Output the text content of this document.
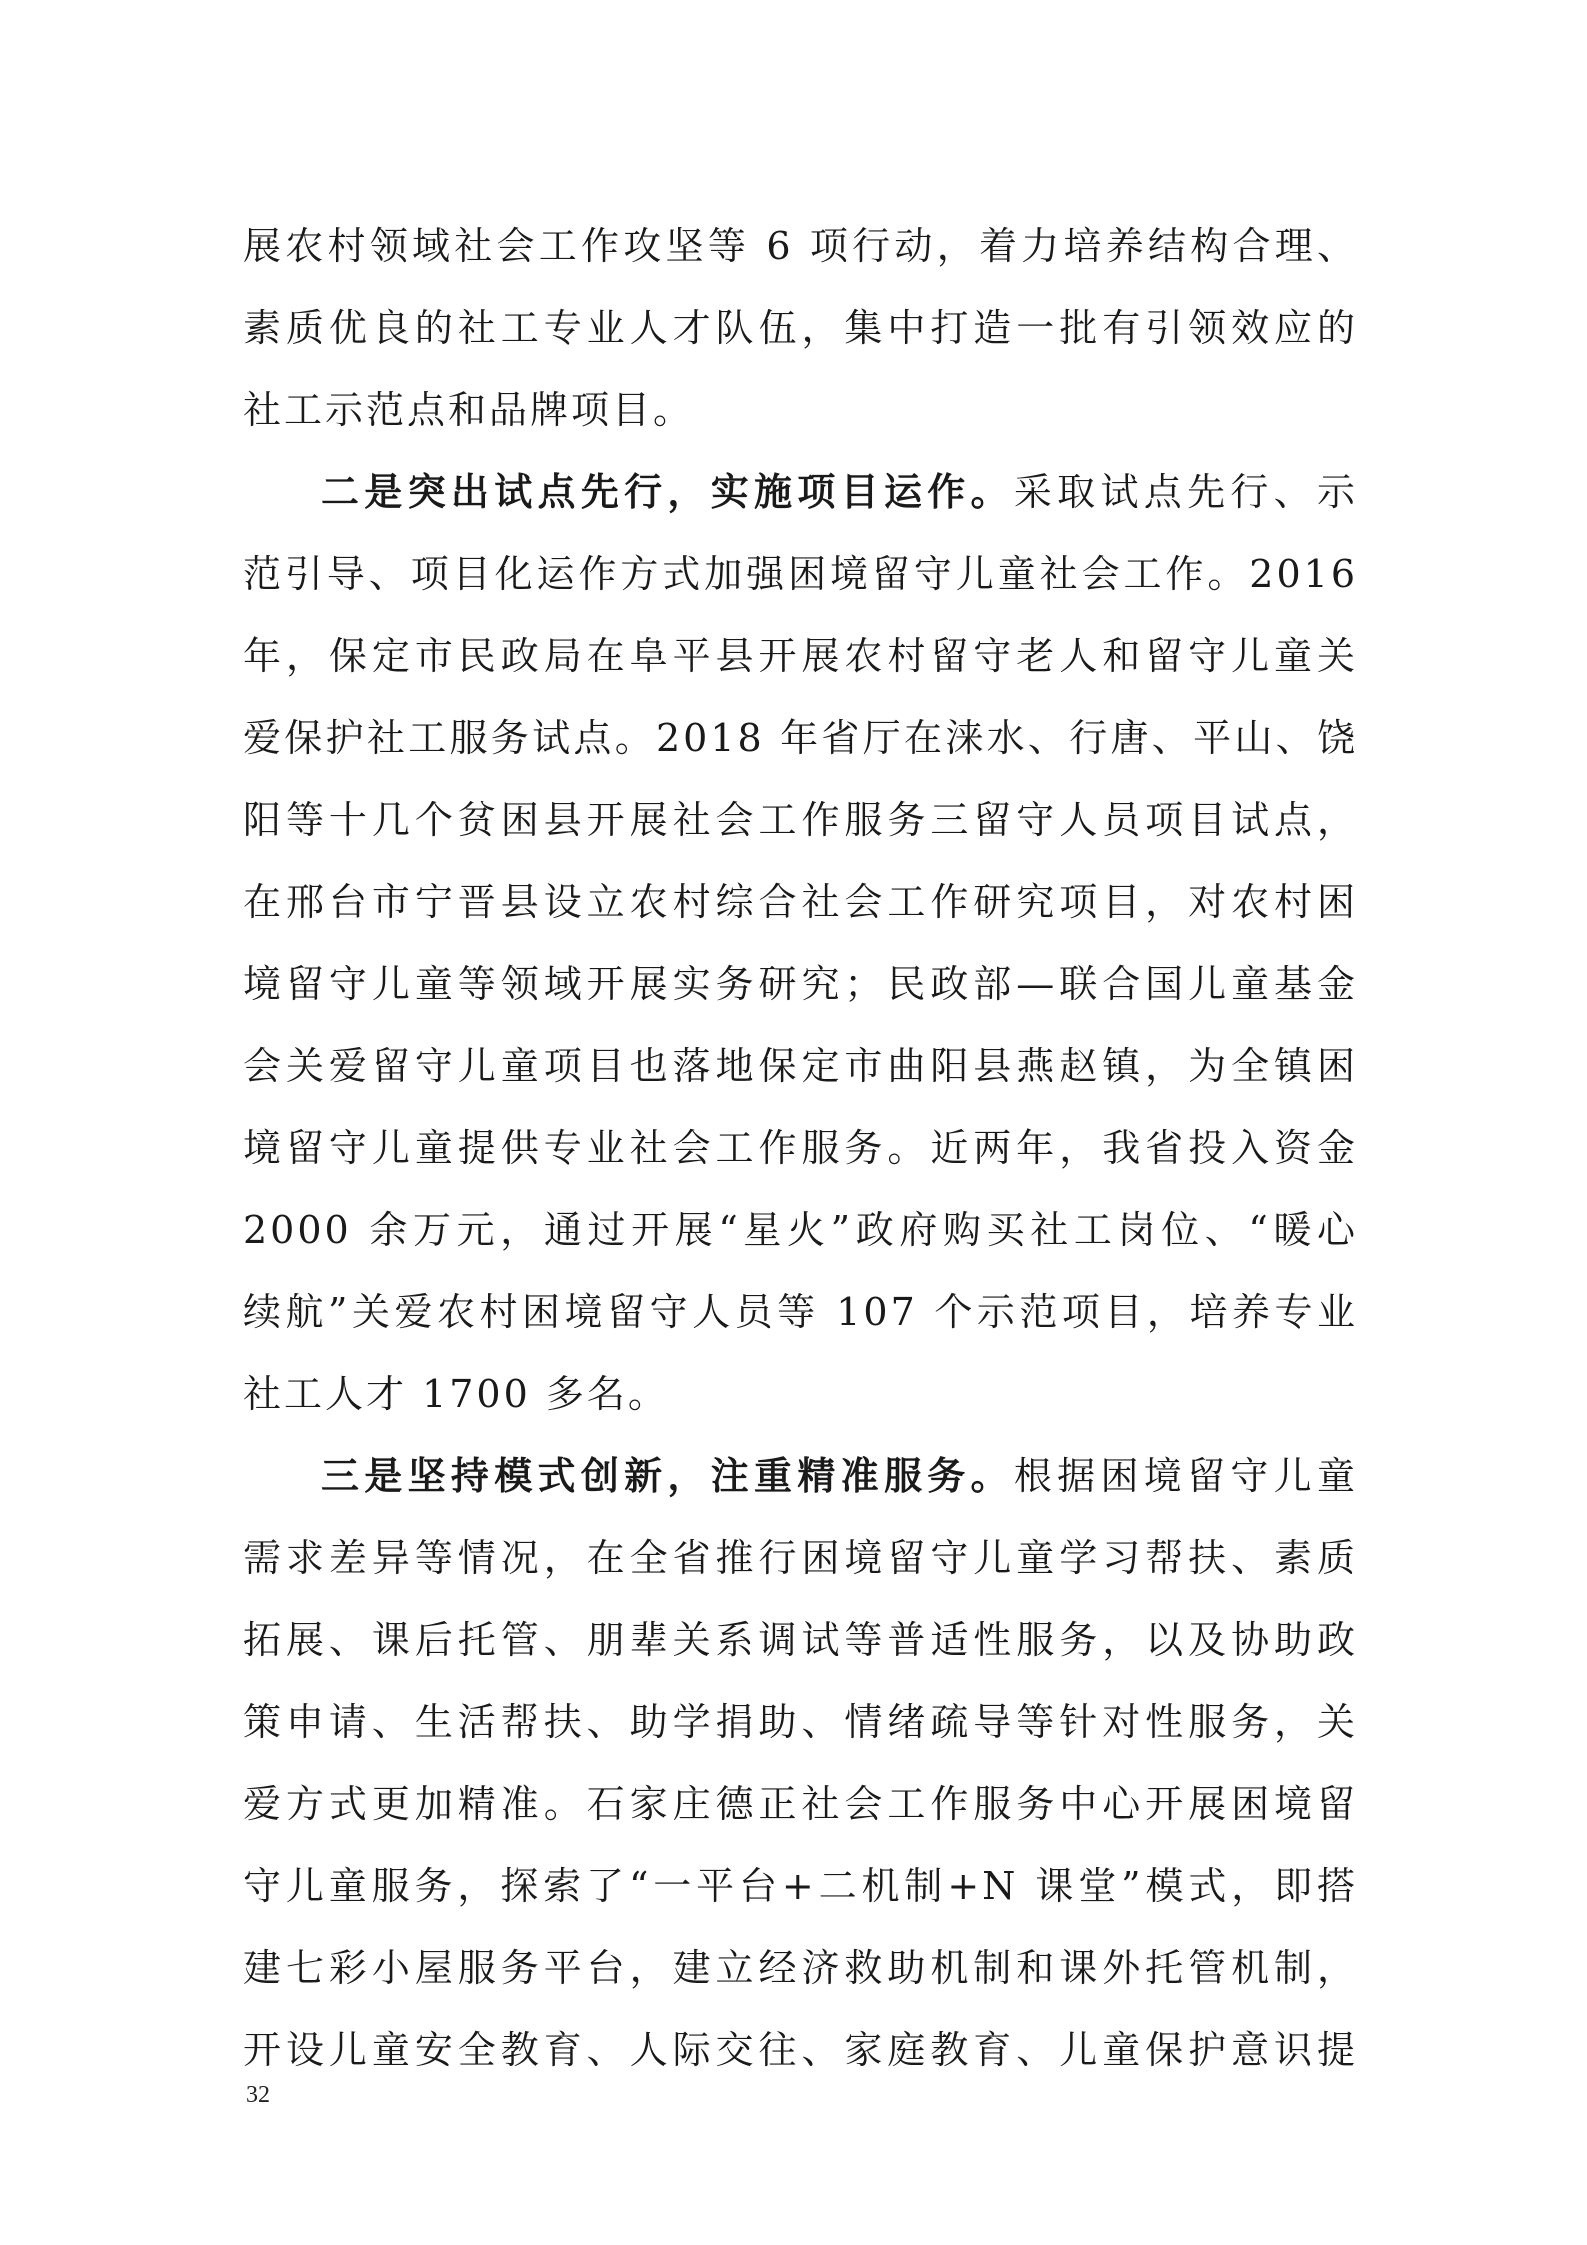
展农村领域社会工作攻坚等 6 项行动，着力培养结构合理、
素质优良的社工专业人才队伍，集中打造一批有引领效应的
社工示范点和品牌项目。
二是突出试点先行，实施项目运作。采取试点先行、示
范引导、项目化运作方式加强困境留守儿童社会工作。2016
年，保定市民政局在阜平县开展农村留守老人和留守儿童关
爱保护社工服务试点。2018 年省厅在涞水、行唐、平山、饶
阳等十几个贫困县开展社会工作服务三留守人员项目试点，
在邢台市宁晋县设立农村综合社会工作研究项目，对农村困
境留守儿童等领域开展实务研究；民政部—联合国儿童基金
会关爱留守儿童项目也落地保定市曲阳县燕赵镇，为全镇困
境留守儿童提供专业社会工作服务。近两年，我省投入资金
2000 余万元，通过开展“星火”政府购买社工岗位、“暖心
续航”关爱农村困境留守人员等 107 个示范项目，培养专业
社工人才 1700 多名。
三是坚持模式创新，注重精准服务。根据困境留守儿童
需求差异等情况，在全省推行困境留守儿童学习帮扶、素质
拓展、课后托管、朋辈关系调试等普适性服务，以及协助政
策申请、生活帮扶、助学捐助、情绪疏导等针对性服务，关
爱方式更加精准。石家庄德正社会工作服务中心开展困境留
守儿童服务，探索了“一平台+二机制+N 课堂”模式，即搭
建七彩小屋服务平台，建立经济救助机制和课外托管机制，
开设儿童安全教育、人际交往、家庭教育、儿童保护意识提
32
